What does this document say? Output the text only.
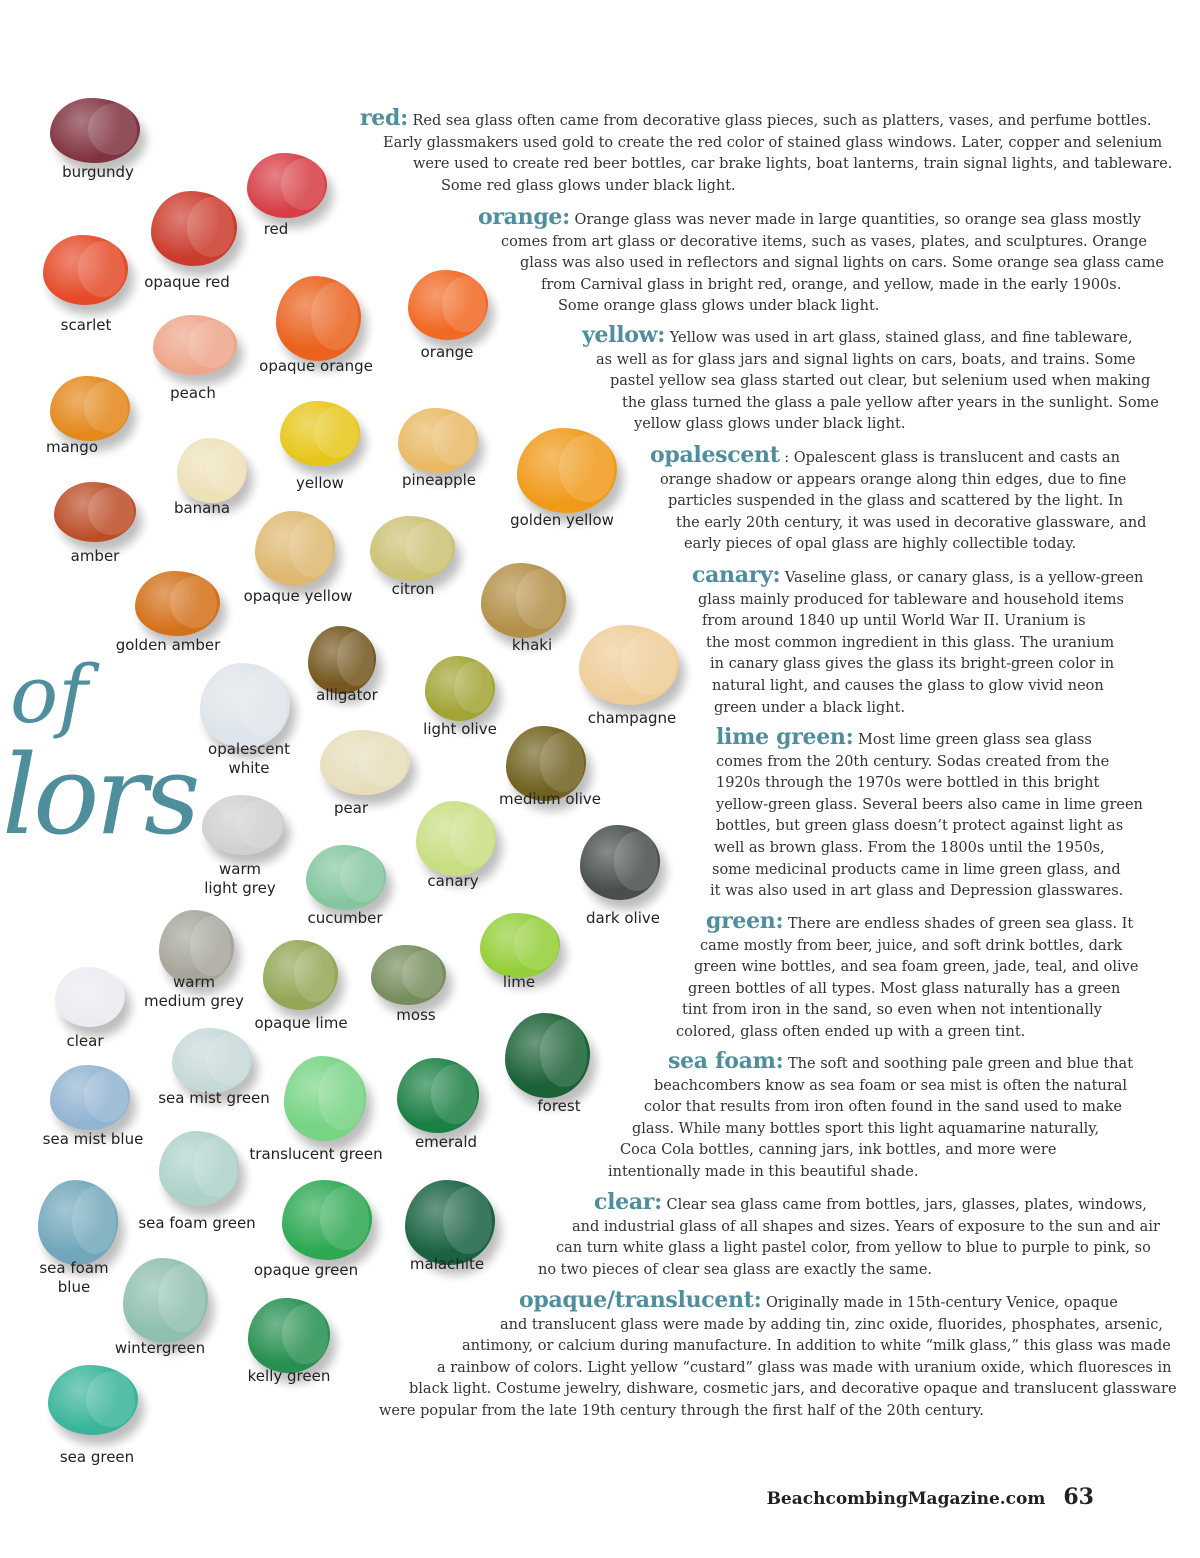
of
lors
burgundy
red
opaque red
scarlet
peach
opaque orange
orange
mango
banana
yellow	pineapple
golden yellow
amber
opaque yellow	citron
golden amber	khaki
alligator
champagne
light olive
opalescent
white
pear	medium olive
warm
light grey
cucumber
canary
dark olive
warm
medium grey
opaque lime	moss
lime
clear
sea mist green	forest
sea mist blue
translucent green
emerald
sea foam green
sea foam
blue
opaque green	malachite
wintergreen
kelly green
sea green
red: Red sea glass often came from decorative glass pieces, such as platters, vases, and perfume bottles.
Early glassmakers used gold to create the red color of stained glass windows. Later, copper and selenium
were used to create red beer bottles, car brake lights, boat lanterns, train signal lights, and tableware.
Some red glass glows under black light.
orange: Orange glass was never made in large quantities, so orange sea glass mostly
comes from art glass or decorative items, such as vases, plates, and sculptures. Orange
glass was also used in reflectors and signal lights on cars. Some orange sea glass came
from Carnival glass in bright red, orange, and yellow, made in the early 1900s.
Some orange glass glows under black light.
yellow: Yellow was used in art glass, stained glass, and fine tableware,
as well as for glass jars and signal lights on cars, boats, and trains. Some
pastel yellow sea glass started out clear, but selenium used when making
the glass turned the glass a pale yellow after years in the sunlight. Some
yellow glass glows under black light.
opalescent : Opalescent glass is translucent and casts an
orange shadow or appears orange along thin edges, due to fine
particles suspended in the glass and scattered by the light. In
the early 20th century, it was used in decorative glassware, and
early pieces of opal glass are highly collectible today.
canary: Vaseline glass, or canary glass, is a yellow-green
glass mainly produced for tableware and household items
from around 1840 up until World War II. Uranium is
the most common ingredient in this glass. The uranium
in canary glass gives the glass its bright-green color in
natural light, and causes the glass to glow vivid neon
green under a black light.
lime green: Most lime green glass sea glass
comes from the 20th century. Sodas created from the
1920s through the 1970s were bottled in this bright
yellow-green glass. Several beers also came in lime green
bottles, but green glass doesn’t protect against light as
well as brown glass. From the 1800s until the 1950s,
some medicinal products came in lime green glass, and
it was also used in art glass and Depression glasswares.
green: There are endless shades of green sea glass. It
came mostly from beer, juice, and soft drink bottles, dark
green wine bottles, and sea foam green, jade, teal, and olive
green bottles of all types. Most glass naturally has a green
tint from iron in the sand, so even when not intentionally
colored, glass often ended up with a green tint.
sea foam: The soft and soothing pale green and blue that
beachcombers know as sea foam or sea mist is often the natural
color that results from iron often found in the sand used to make
glass. While many bottles sport this light aquamarine naturally,
Coca Cola bottles, canning jars, ink bottles, and more were
intentionally made in this beautiful shade.
clear: Clear sea glass came from bottles, jars, glasses, plates, windows,
and industrial glass of all shapes and sizes. Years of exposure to the sun and air
can turn white glass a light pastel color, from yellow to blue to purple to pink, so
no two pieces of clear sea glass are exactly the same.
opaque/translucent: Originally made in 15th-century Venice, opaque
and translucent glass were made by adding tin, zinc oxide, fluorides, phosphates, arsenic,
antimony, or calcium during manufacture. In addition to white “milk glass,” this glass was made
a rainbow of colors. Light yellow “custard” glass was made with uranium oxide, which fluoresces in
black light. Costume jewelry, dishware, cosmetic jars, and decorative opaque and translucent glassware
were popular from the late 19th century through the first half of the 20th century.
BeachcombingMagazine.com 63
